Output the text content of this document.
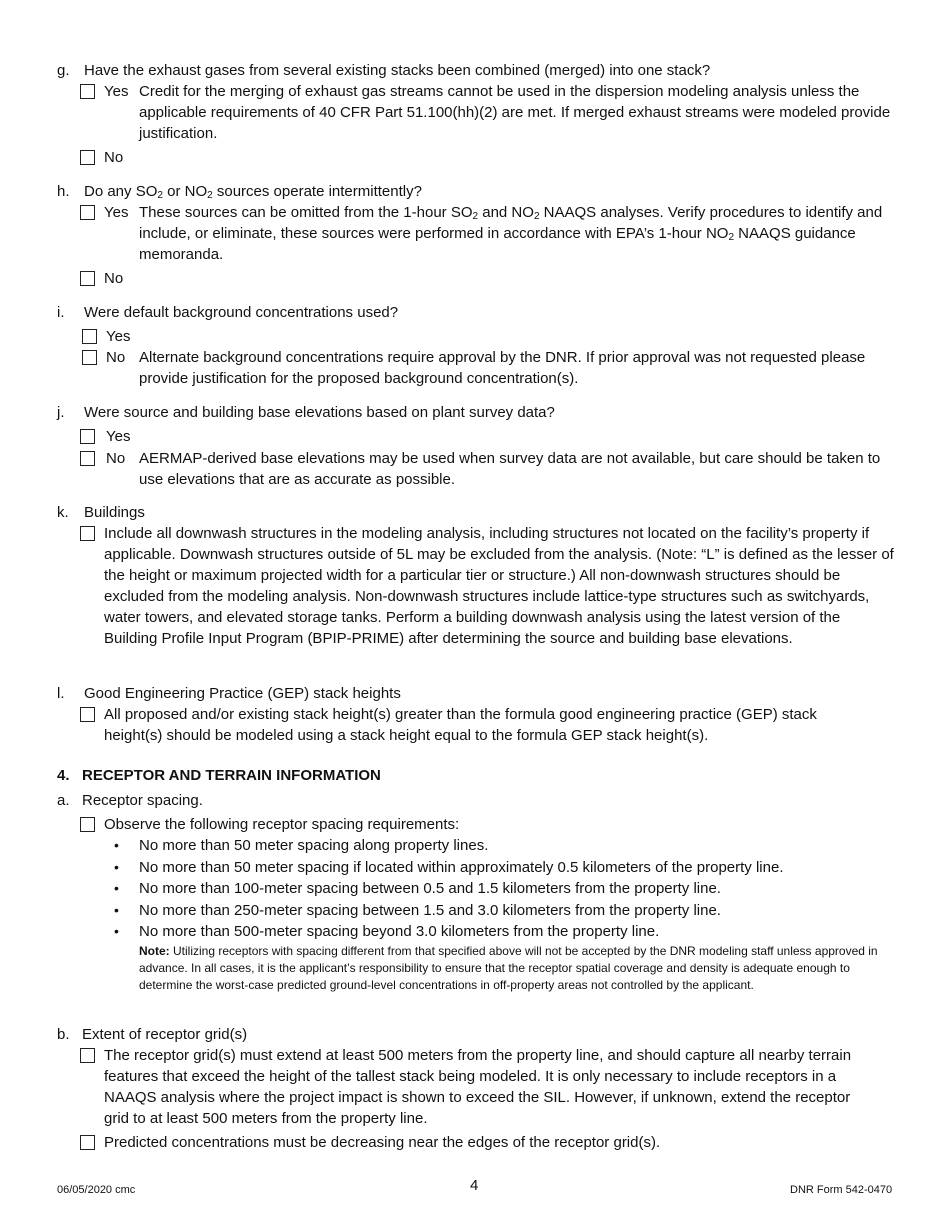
g. Have the exhaust gases from several existing stacks been combined (merged) into one stack?
Yes Credit for the merging of exhaust gas streams cannot be used in the dispersion modeling analysis unless the applicable requirements of 40 CFR Part 51.100(hh)(2) are met. If merged exhaust streams were modeled provide justification.
No
h. Do any $SO_2$ or $NO_2$ sources operate intermittently?
Yes These sources can be omitted from the 1-hour $SO_2$ and $NO_2$ NAAQS analyses. Verify procedures to identify and include, or eliminate, these sources were performed in accordance with EPA’s 1-hour $NO_2$ NAAQS guidance memoranda.
No
i. Were default background concentrations used?
Yes
No Alternate background concentrations require approval by the DNR. If prior approval was not requested please provide justification for the proposed background concentration(s).
j. Were source and building base elevations based on plant survey data?
Yes
No AERMAP-derived base elevations may be used when survey data are not available, but care should be taken to use elevations that are as accurate as possible.
k. Buildings
Include all downwash structures in the modeling analysis, including structures not located on the facility’s property if applicable. Downwash structures outside of 5L may be excluded from the analysis. (Note: “L” is defined as the lesser of the height or maximum projected width for a particular tier or structure.) All non-downwash structures should be excluded from the modeling analysis. Non-downwash structures include lattice-type structures such as switchyards, water towers, and elevated storage tanks. Perform a building downwash analysis using the latest version of the Building Profile Input Program (BPIP-PRIME) after determining the source and building base elevations.
l. Good Engineering Practice (GEP) stack heights
All proposed and/or existing stack height(s) greater than the formula good engineering practice (GEP) stack height(s) should be modeled using a stack height equal to the formula GEP stack height(s).
4. RECEPTOR AND TERRAIN INFORMATION
a. Receptor spacing.
Observe the following receptor spacing requirements:
• No more than 50 meter spacing along property lines.
• No more than 50 meter spacing if located within approximately 0.5 kilometers of the property line.
• No more than 100-meter spacing between 0.5 and 1.5 kilometers from the property line.
• No more than 250-meter spacing between 1.5 and 3.0 kilometers from the property line.
• No more than 500-meter spacing beyond 3.0 kilometers from the property line.
Note: Utilizing receptors with spacing different from that specified above will not be accepted by the DNR modeling staff unless approved in advance. In all cases, it is the applicant’s responsibility to ensure that the receptor spatial coverage and density is adequate enough to determine the worst-case predicted ground-level concentrations in off-property areas not controlled by the applicant.
b. Extent of receptor grid(s)
The receptor grid(s) must extend at least 500 meters from the property line, and should capture all nearby terrain features that exceed the height of the tallest stack being modeled. It is only necessary to include receptors in a NAAQS analysis where the project impact is shown to exceed the SIL. However, if unknown, extend the receptor grid to at least 500 meters from the property line.
Predicted concentrations must be decreasing near the edges of the receptor grid(s).
06/05/2020 cmc	4	DNR Form 542-0470
